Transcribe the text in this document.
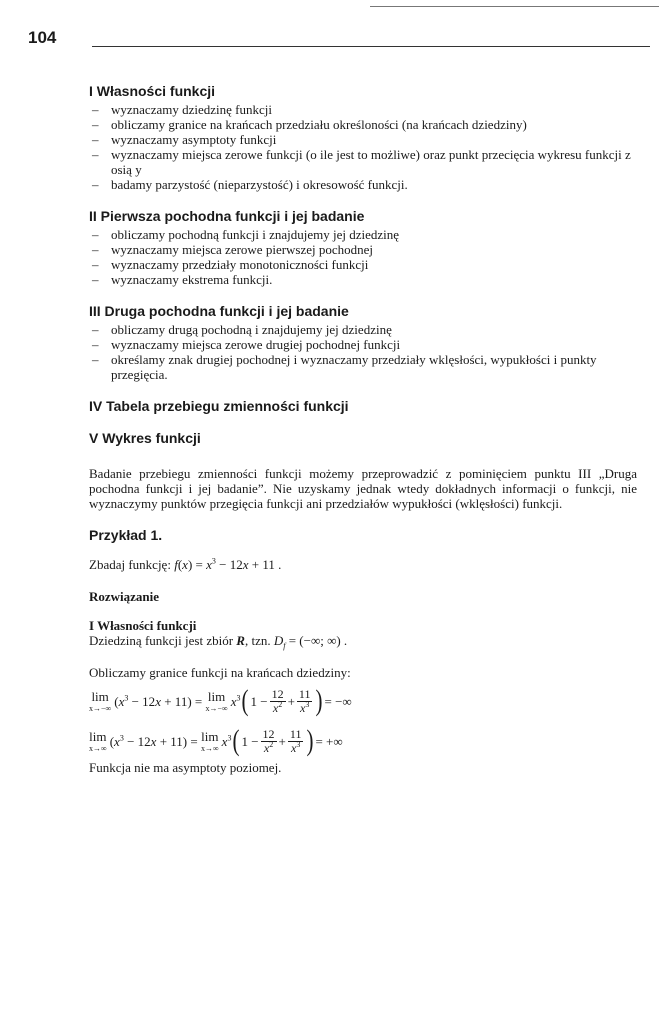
104
I Własności funkcji
– wyznaczamy dziedzinę funkcji
– obliczamy granice na krańcach przedziału określoności (na krańcach dziedziny)
– wyznaczamy asymptoty funkcji
– wyznaczamy miejsca zerowe funkcji (o ile jest to możliwe) oraz punkt przecięcia wykresu funkcji z osią y
– badamy parzystość (nieparzystość) i okresowość funkcji.
II Pierwsza pochodna funkcji i jej badanie
– obliczamy pochodną funkcji i znajdujemy jej dziedzinę
– wyznaczamy miejsca zerowe pierwszej pochodnej
– wyznaczamy przedziały monotoniczności funkcji
– wyznaczamy ekstrema funkcji.
III Druga pochodna funkcji i jej badanie
– obliczamy drugą pochodną i znajdujemy jej dziedzinę
– wyznaczamy miejsca zerowe drugiej pochodnej funkcji
– określamy znak drugiej pochodnej i wyznaczamy przedziały wklęsłości, wypukłości i punkty przegięcia.
IV Tabela przebiegu zmienności funkcji
V Wykres funkcji
Badanie przebiegu zmienności funkcji możemy przeprowadzić z pominięciem punktu III „Druga pochodna funkcji i jej badanie”. Nie uzyskamy jednak wtedy dokładnych informacji o funkcji, nie wyznaczymy punktów przegięcia funkcji ani przedziałów wypukłości (wklęsłości) funkcji.
Przykład 1.
Zbadaj funkcję: $f(x) = x^3 - 12x + 11$ .
Rozwiązanie
I Własności funkcji
Dziedziną funkcji jest zbiór R, tzn. $D_f$ = (−∞; ∞) .
Obliczamy granice funkcji na krańcach dziedziny:
lim
x→−∞ $(x^3 - 12x + 11) = \lim$
x→−∞ $x^3$ ( $1 - \frac{12}{x^2} + \frac{11}{x^3}$ ) = −∞
lim
x→∞ $(x^3 - 12x + 11) = \lim$
x→∞ $x^3$ ( $1 - \frac{12}{x^2} + \frac{11}{x^3}$ ) = +∞
Funkcja nie ma asymptoty poziomej.
